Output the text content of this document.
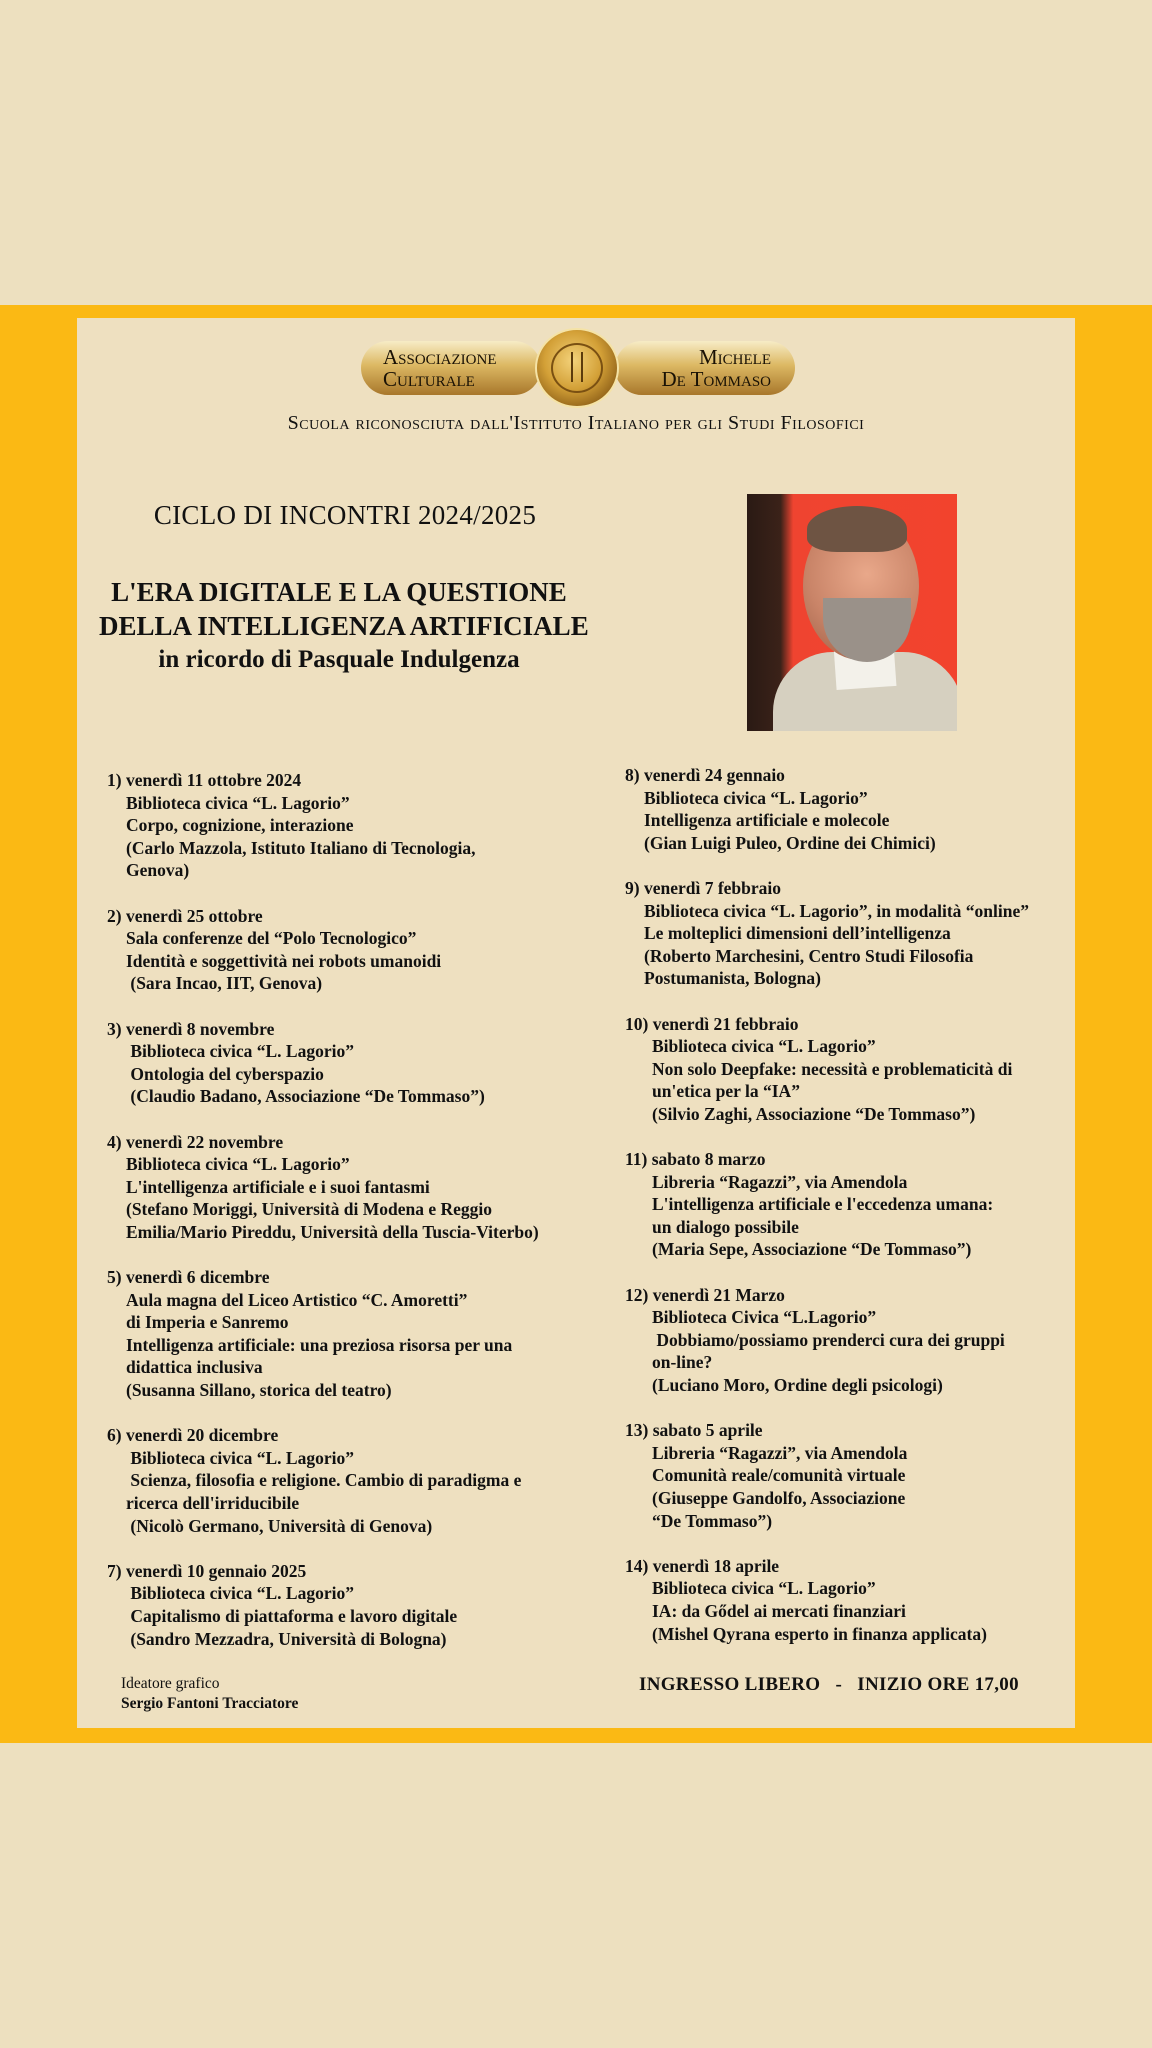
Associazione
Culturale
Michele
De Tommaso
Scuola riconosciuta dall'Istituto Italiano per gli Studi Filosofici
CICLO DI INCONTRI 2024/2025
L'ERA DIGITALE E LA QUESTIONE
DELLA INTELLIGENZA ARTIFICIALE
in ricordo di Pasquale Indulgenza
1) venerdì 11 ottobre 2024
Biblioteca civica “L. Lagorio”
Corpo, cognizione, interazione
(Carlo Mazzola, Istituto Italiano di Tecnologia,
Genova)
2) venerdì 25 ottobre
Sala conferenze del “Polo Tecnologico”
Identità e soggettività nei robots umanoidi
(Sara Incao, IIT, Genova)
3) venerdì 8 novembre
Biblioteca civica “L. Lagorio”
Ontologia del cyberspazio
(Claudio Badano, Associazione “De Tommaso”)
4) venerdì 22 novembre
Biblioteca civica “L. Lagorio”
L'intelligenza artificiale e i suoi fantasmi
(Stefano Moriggi, Università di Modena e Reggio
Emilia/Mario Pireddu, Università della Tuscia-Viterbo)
5) venerdì 6 dicembre
Aula magna del Liceo Artistico “C. Amoretti”
di Imperia e Sanremo
Intelligenza artificiale: una preziosa risorsa per una
didattica inclusiva
(Susanna Sillano, storica del teatro)
6) venerdì 20 dicembre
Biblioteca civica “L. Lagorio”
Scienza, filosofia e religione. Cambio di paradigma e
ricerca dell'irriducibile
(Nicolò Germano, Università di Genova)
7) venerdì 10 gennaio 2025
Biblioteca civica “L. Lagorio”
Capitalismo di piattaforma e lavoro digitale
(Sandro Mezzadra, Università di Bologna)
8) venerdì 24 gennaio
Biblioteca civica “L. Lagorio”
Intelligenza artificiale e molecole
(Gian Luigi Puleo, Ordine dei Chimici)
9) venerdì 7 febbraio
Biblioteca civica “L. Lagorio”, in modalità “online”
Le molteplici dimensioni dell’intelligenza
(Roberto Marchesini, Centro Studi Filosofia
Postumanista, Bologna)
10) venerdì 21 febbraio
Biblioteca civica “L. Lagorio”
Non solo Deepfake: necessità e problematicità di
un'etica per la “IA”
(Silvio Zaghi, Associazione “De Tommaso”)
11) sabato 8 marzo
Libreria “Ragazzi”, via Amendola
L'intelligenza artificiale e l'eccedenza umana:
un dialogo possibile
(Maria Sepe, Associazione “De Tommaso”)
12) venerdì 21 Marzo
Biblioteca Civica “L.Lagorio”
Dobbiamo/possiamo prenderci cura dei gruppi
on-line?
(Luciano Moro, Ordine degli psicologi)
13) sabato 5 aprile
Libreria “Ragazzi”, via Amendola
Comunità reale/comunità virtuale
(Giuseppe Gandolfo, Associazione
“De Tommaso”)
14) venerdì 18 aprile
Biblioteca civica “L. Lagorio”
IA: da Gődel ai mercati finanziari
(Mishel Qyrana esperto in finanza applicata)
Ideatore grafico
Sergio Fantoni Tracciatore
INGRESSO LIBERO   -   INIZIO ORE 17,00
